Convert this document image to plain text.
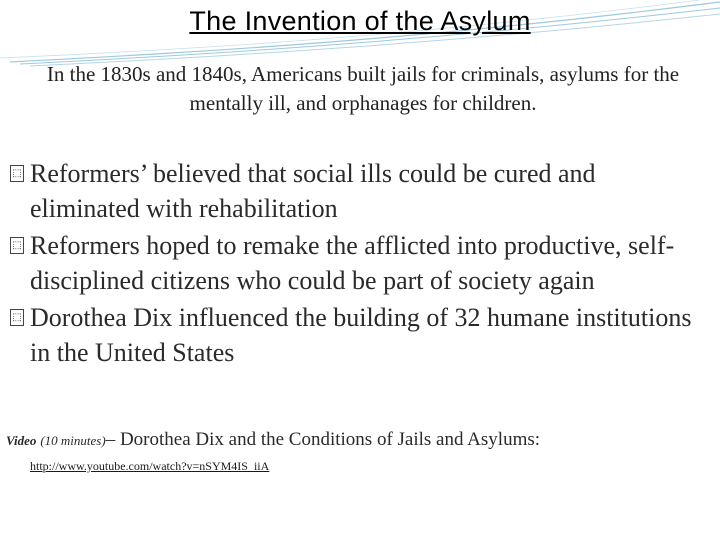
The Invention of the Asylum
In the 1830s and 1840s, Americans built jails for criminals, asylums for the mentally ill, and orphanages for children.
⬚ Reformers’ believed that social ills could be cured and eliminated with rehabilitation
⬚ Reformers hoped to remake the afflicted into productive, self-disciplined citizens who could be part of society again
⬚ Dorothea Dix influenced the building of 32 humane institutions in the United States
Video (10 minutes)– Dorothea Dix and the Conditions of Jails and Asylums:
http://www.youtube.com/watch?v=nSYM4IS_iiA
